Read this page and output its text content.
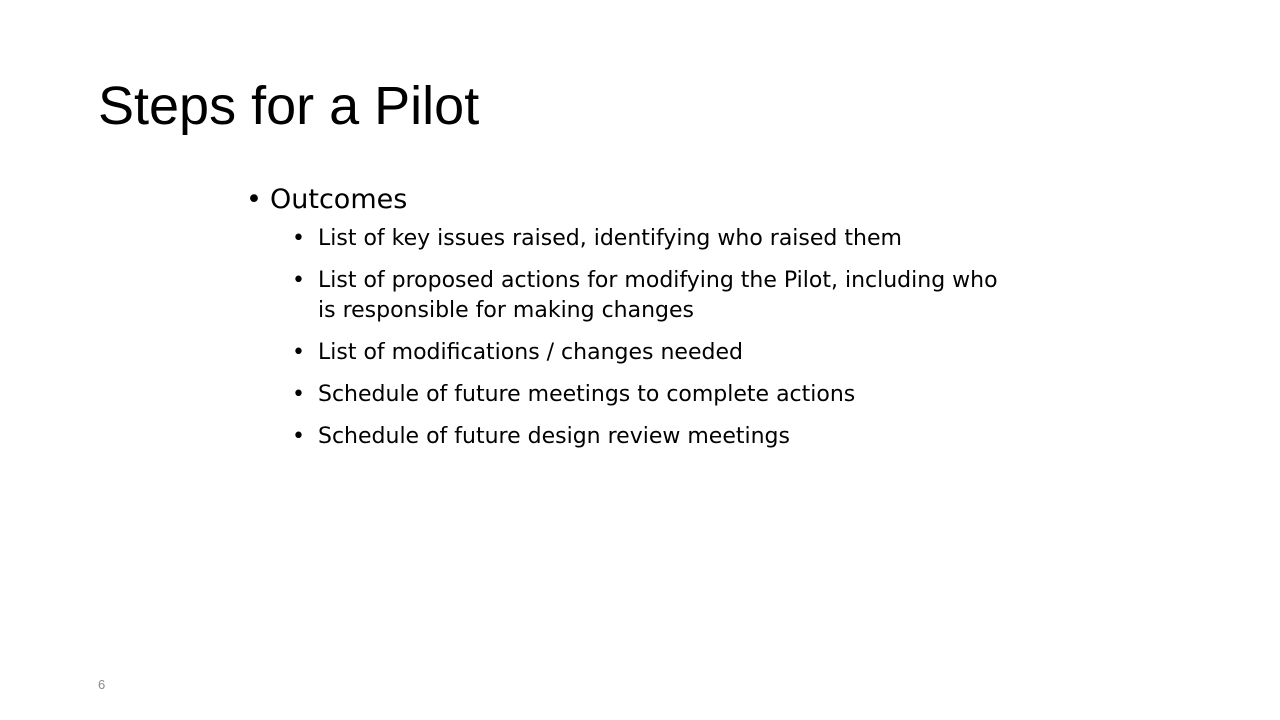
Steps for a Pilot
• Outcomes
• List of key issues raised, identifying who raised them
• List of proposed actions for modifying the Pilot, including who is responsible for making changes
• List of modifications / changes needed
• Schedule of future meetings to complete actions
• Schedule of future design review meetings
6
